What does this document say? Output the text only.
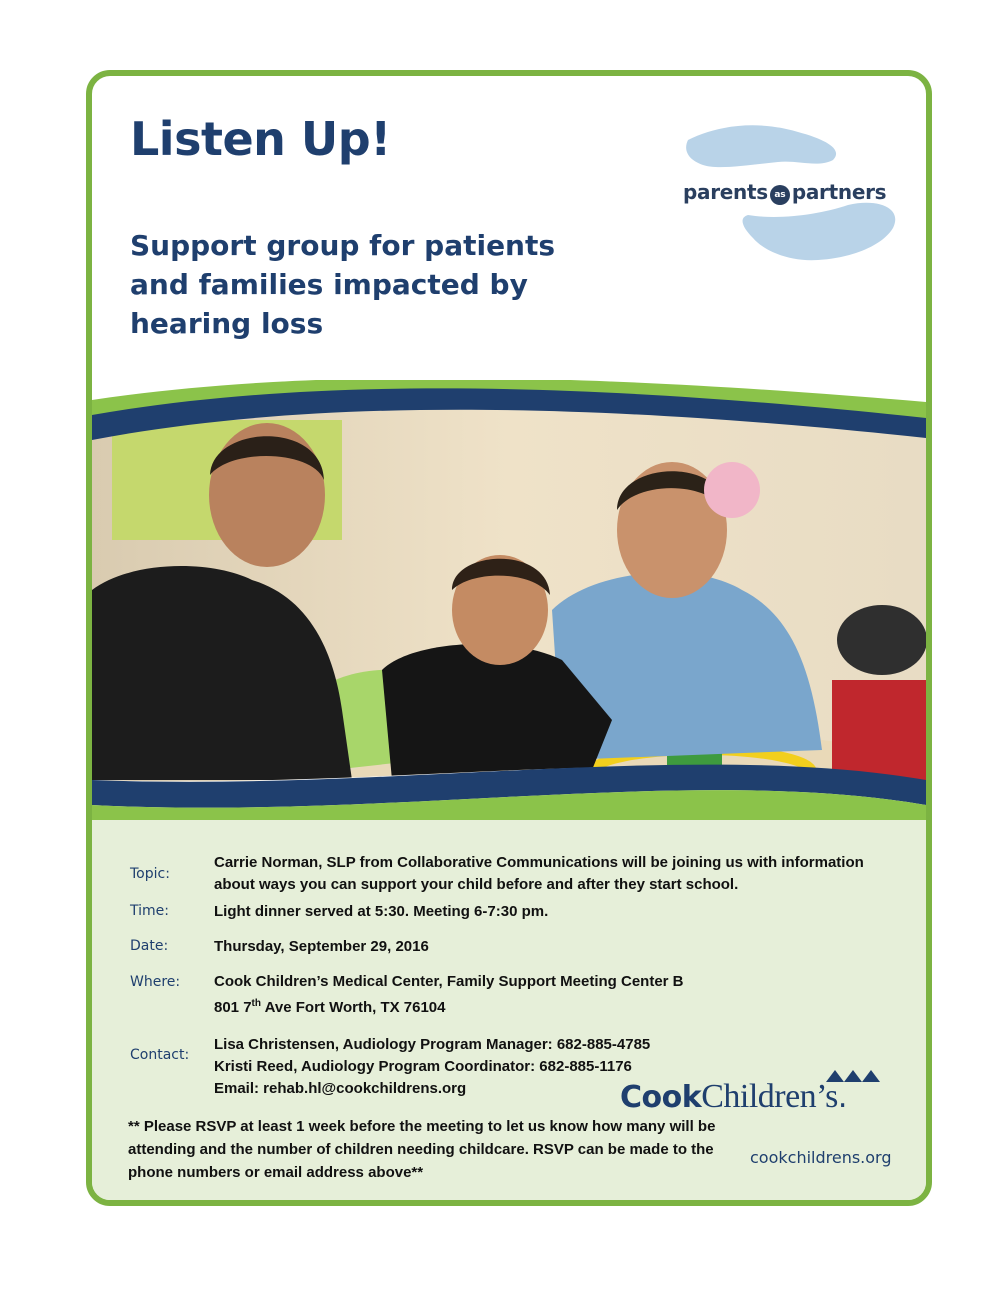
Listen Up!

Support group for patients and families impacted by hearing loss

parents as partners
Topic:
Carrie Norman, SLP from Collaborative Communications will be joining us with information
about ways you can support your child before and after they start school.
Time:	Light dinner served at 5:30. Meeting 6-7:30 pm.
Date:	Thursday, September 29, 2016
Where: Cook Children’s Medical Center, Family Support Meeting Center B
801 7th Ave Fort Worth, TX 76104
Contact:
Lisa Christensen, Audiology Program Manager: 682-885-4785
Kristi Reed, Audiology Program Coordinator: 682-885-1176
Email: rehab.hl@cookchildrens.org

** Please RSVP at least 1 week before the meeting to let us know how many will be attending and the number of children needing childcare. RSVP can be made to the phone numbers or email address above**

CookChildren’s.
cookchildrens.org
